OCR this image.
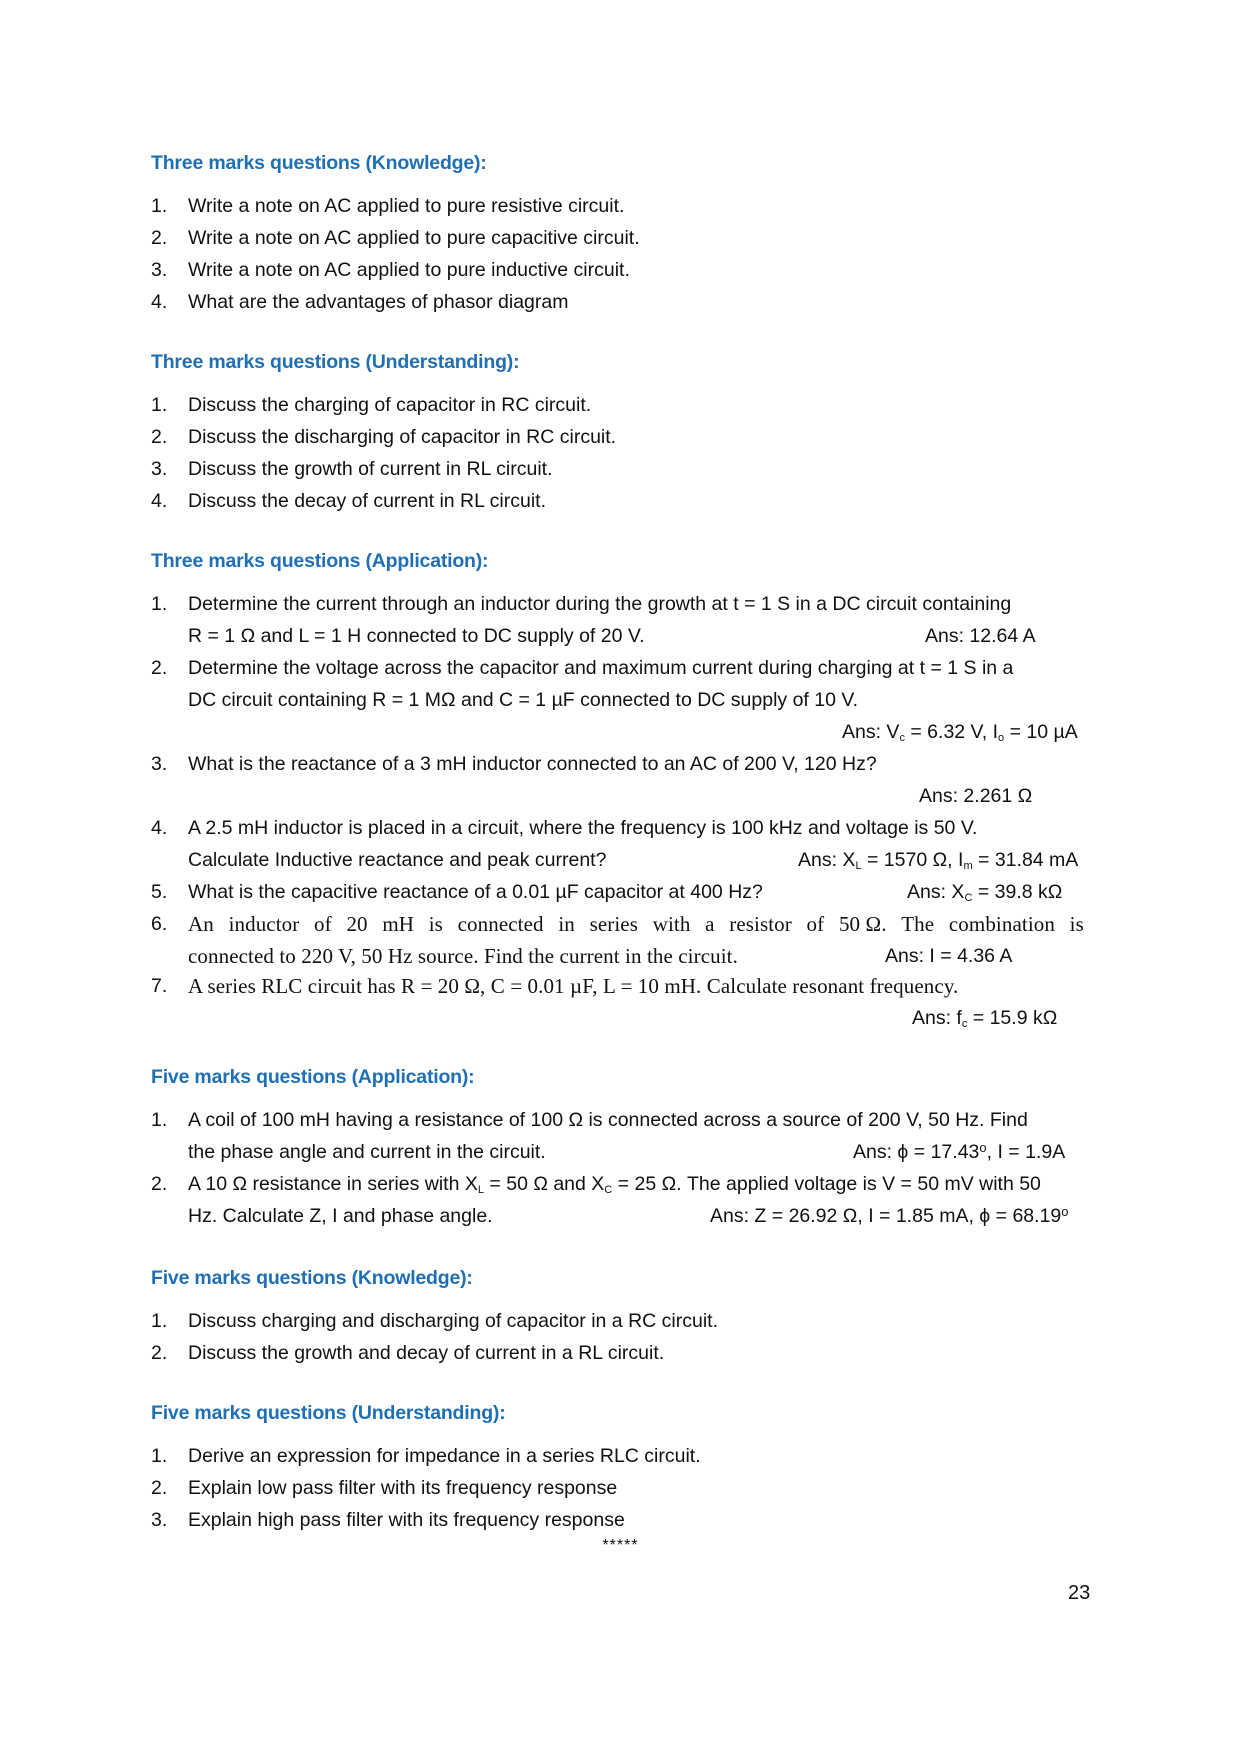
Three marks questions (Knowledge):
1. Write a note on AC applied to pure resistive circuit.
2. Write a note on AC applied to pure capacitive circuit.
3. Write a note on AC applied to pure inductive circuit.
4. What are the advantages of phasor diagram
Three marks questions (Understanding):
1. Discuss the charging of capacitor in RC circuit.
2. Discuss the discharging of capacitor in RC circuit.
3. Discuss the growth of current in RL circuit.
4. Discuss the decay of current in RL circuit.
Three marks questions (Application):
1. Determine the current through an inductor during the growth at t = 1 S in a DC circuit containing
R = 1 Ω and L = 1 H connected to DC supply of 20 V.	Ans: 12.64 A
2. Determine the voltage across the capacitor and maximum current during charging at t = 1 S in a
DC circuit containing R = 1 MΩ and C = 1 µF connected to DC supply of 10 V.
Ans: $V_c = 6.32$ V, $I_o = 10$ µA
3. What is the reactance of a 3 mH inductor connected to an AC of 200 V, 120 Hz?
Ans: 2.261 Ω
4. A 2.5 mH inductor is placed in a circuit, where the frequency is 100 kHz and voltage is 50 V.
Calculate Inductive reactance and peak current?	Ans: $X_L = 1570$ Ω, $I_m = 31.84$ mA
5. What is the capacitive reactance of a 0.01 µF capacitor at 400 Hz?	Ans: $X_C = 39.8$ kΩ
6. An inductor of 20 mH is connected in series with a resistor of 50 Ω. The combination is
connected to 220 V, 50 Hz source. Find the current in the circuit.	Ans: I = 4.36 A
7. A series RLC circuit has R = 20 Ω, C = 0.01 µF, L = 10 mH. Calculate resonant frequency.
Ans: $f_c = 15.9$ kΩ
Five marks questions (Application):
1. A coil of 100 mH having a resistance of 100 Ω is connected across a source of 200 V, 50 Hz. Find
the phase angle and current in the circuit.	Ans: $\phi = 17.43^o$, I = 1.9A
2. A 10 Ω resistance in series with $X_L = 50$ Ω and $X_C = 25$ Ω. The applied voltage is V = 50 mV with 50
Hz. Calculate Z, I and phase angle.	Ans: Z = 26.92 Ω, I = 1.85 mA, $\phi = 68.19^o$
Five marks questions (Knowledge):
1. Discuss charging and discharging of capacitor in a RC circuit.
2. Discuss the growth and decay of current in a RL circuit.
Five marks questions (Understanding):
1. Derive an expression for impedance in a series RLC circuit.
2. Explain low pass filter with its frequency response
3. Explain high pass filter with its frequency response
*****
23
